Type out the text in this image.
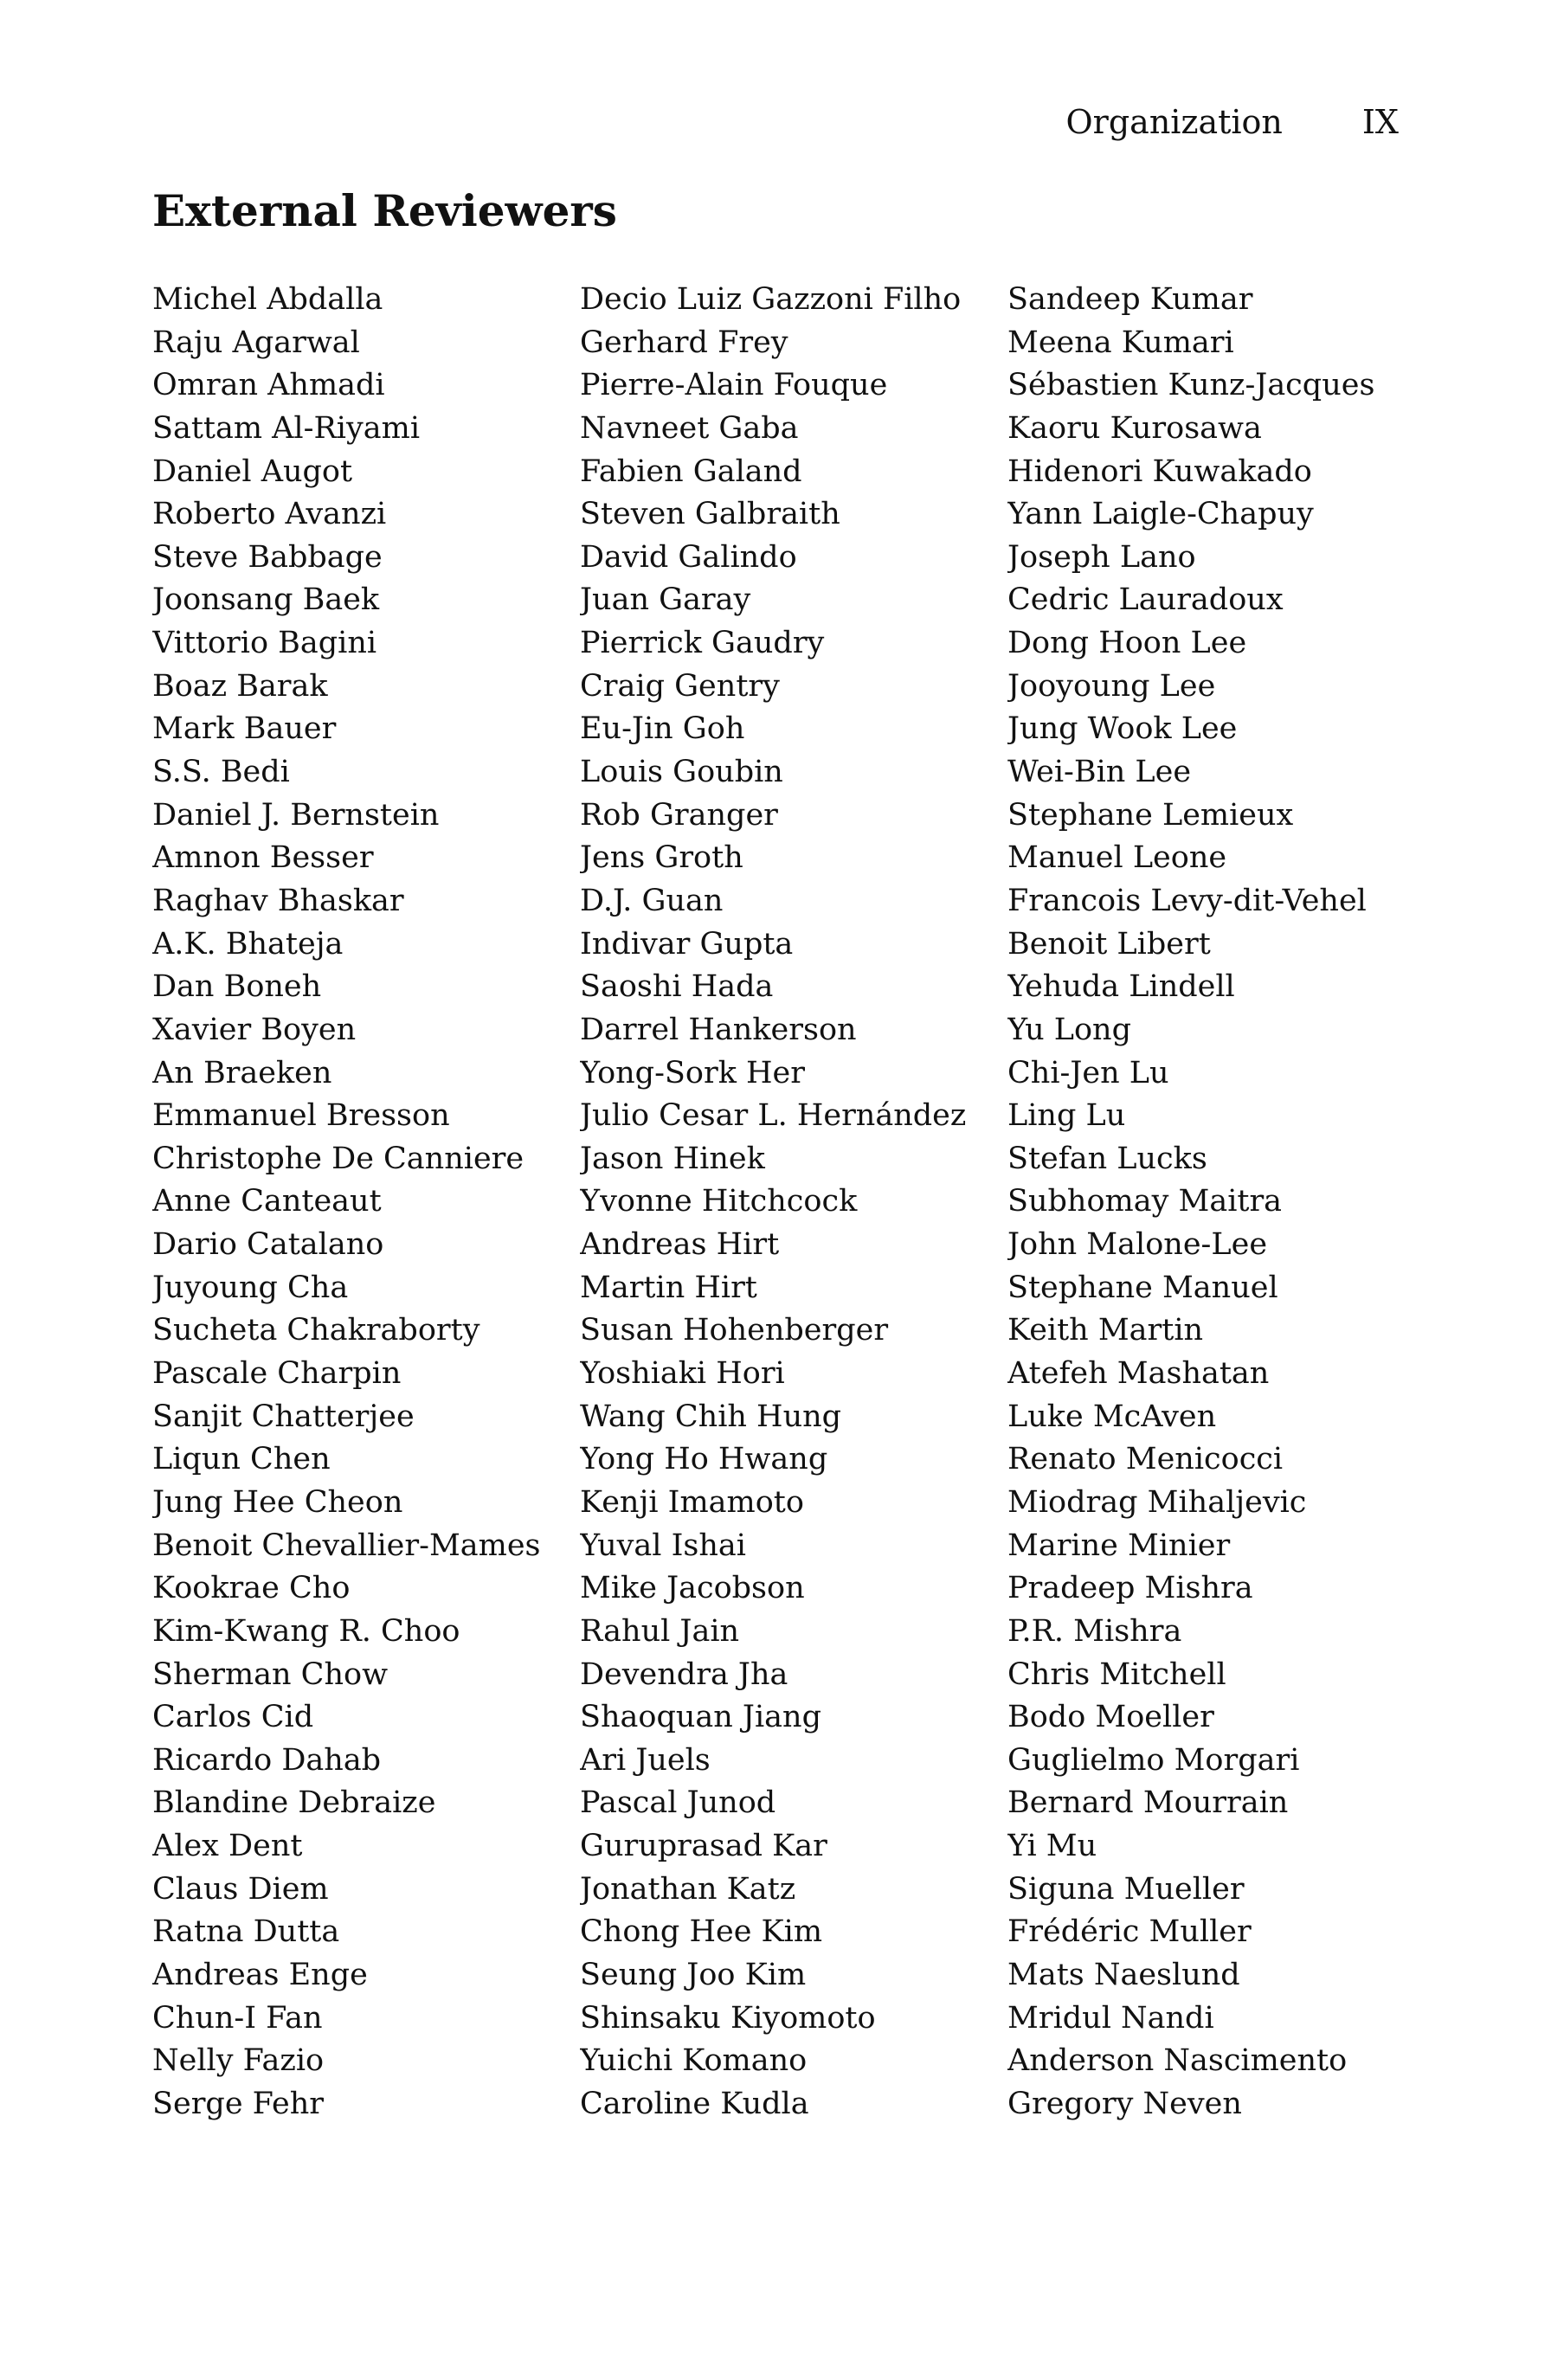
Organization IX
External Reviewers
Michel Abdalla
Raju Agarwal
Omran Ahmadi
Sattam Al-Riyami
Daniel Augot
Roberto Avanzi
Steve Babbage
Joonsang Baek
Vittorio Bagini
Boaz Barak
Mark Bauer
S.S. Bedi
Daniel J. Bernstein
Amnon Besser
Raghav Bhaskar
A.K. Bhateja
Dan Boneh
Xavier Boyen
An Braeken
Emmanuel Bresson
Christophe De Canniere
Anne Canteaut
Dario Catalano
Juyoung Cha
Sucheta Chakraborty
Pascale Charpin
Sanjit Chatterjee
Liqun Chen
Jung Hee Cheon
Benoit Chevallier-Mames
Kookrae Cho
Kim-Kwang R. Choo
Sherman Chow
Carlos Cid
Ricardo Dahab
Blandine Debraize
Alex Dent
Claus Diem
Ratna Dutta
Andreas Enge
Chun-I Fan
Nelly Fazio
Serge Fehr
Decio Luiz Gazzoni Filho
Gerhard Frey
Pierre-Alain Fouque
Navneet Gaba
Fabien Galand
Steven Galbraith
David Galindo
Juan Garay
Pierrick Gaudry
Craig Gentry
Eu-Jin Goh
Louis Goubin
Rob Granger
Jens Groth
D.J. Guan
Indivar Gupta
Saoshi Hada
Darrel Hankerson
Yong-Sork Her
Julio Cesar L. Hernández
Jason Hinek
Yvonne Hitchcock
Andreas Hirt
Martin Hirt
Susan Hohenberger
Yoshiaki Hori
Wang Chih Hung
Yong Ho Hwang
Kenji Imamoto
Yuval Ishai
Mike Jacobson
Rahul Jain
Devendra Jha
Shaoquan Jiang
Ari Juels
Pascal Junod
Guruprasad Kar
Jonathan Katz
Chong Hee Kim
Seung Joo Kim
Shinsaku Kiyomoto
Yuichi Komano
Caroline Kudla
Sandeep Kumar
Meena Kumari
Sébastien Kunz-Jacques
Kaoru Kurosawa
Hidenori Kuwakado
Yann Laigle-Chapuy
Joseph Lano
Cedric Lauradoux
Dong Hoon Lee
Jooyoung Lee
Jung Wook Lee
Wei-Bin Lee
Stephane Lemieux
Manuel Leone
Francois Levy-dit-Vehel
Benoit Libert
Yehuda Lindell
Yu Long
Chi-Jen Lu
Ling Lu
Stefan Lucks
Subhomay Maitra
John Malone-Lee
Stephane Manuel
Keith Martin
Atefeh Mashatan
Luke McAven
Renato Menicocci
Miodrag Mihaljevic
Marine Minier
Pradeep Mishra
P.R. Mishra
Chris Mitchell
Bodo Moeller
Guglielmo Morgari
Bernard Mourrain
Yi Mu
Siguna Mueller
Frédéric Muller
Mats Naeslund
Mridul Nandi
Anderson Nascimento
Gregory Neven
